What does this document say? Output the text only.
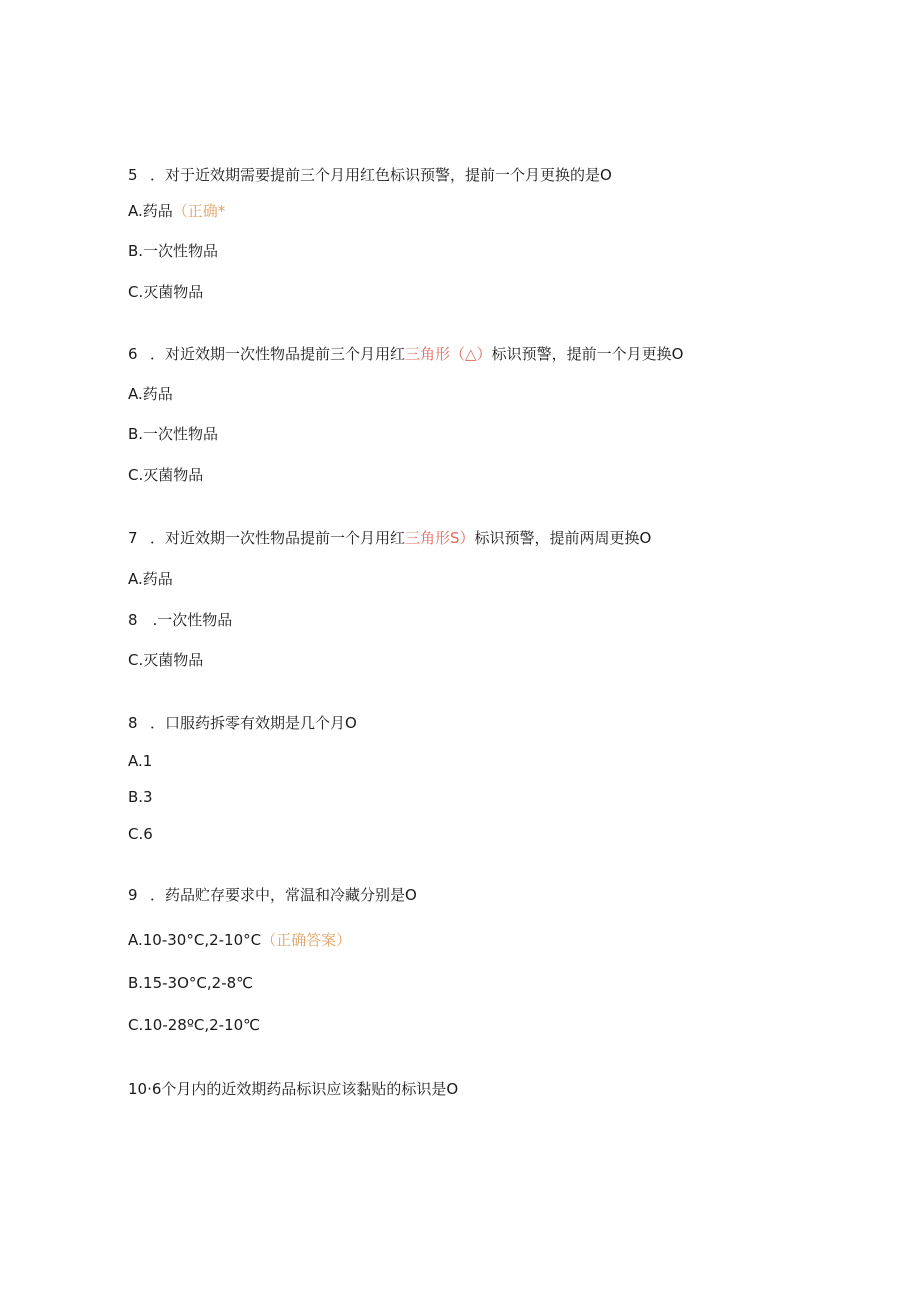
5 ．对于近效期需要提前三个月用红色标识预警，提前一个月更换的是O
A.药品（正确*
B.一次性物品
C.灭菌物品
6 ．对近效期一次性物品提前三个月用红三角形（△）标识预警，提前一个月更换O
A.药品
B.一次性物品
C.灭菌物品
7 ．对近效期一次性物品提前一个月用红三角形S）标识预警，提前两周更换O
A.药品
8　.一次性物品
C.灭菌物品
8 ．口服药拆零有效期是几个月O
A.1
B.3
C.6
9 ．药品贮存要求中，常温和冷藏分别是O
A.10-30°C,2-10°C（正确答案）
B.15-3O°C,2-8℃
C.10-28ºC,2-10℃
10·6个月内的近效期药品标识应该黏贴的标识是O
